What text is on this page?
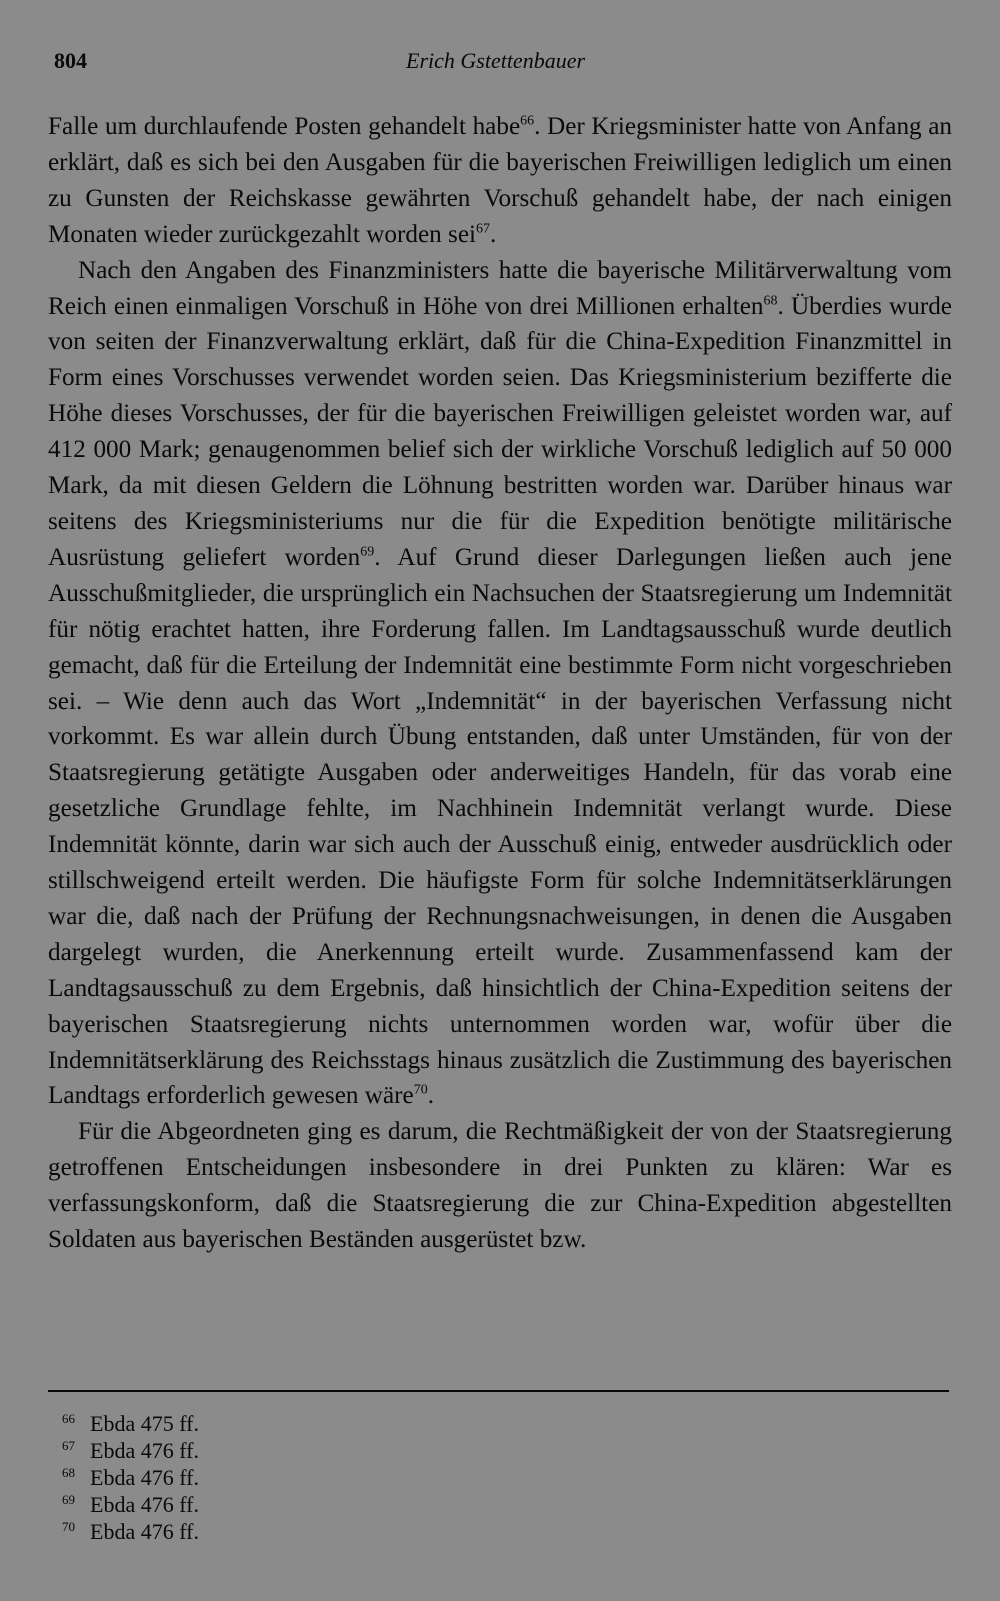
804	Erich Gstettenbauer

Falle um durchlaufende Posten gehandelt habe$^{66}$. Der Kriegsminister hatte von Anfang an erklärt, daß es sich bei den Ausgaben für die bayerischen Freiwilligen lediglich um einen zu Gunsten der Reichskasse gewährten Vorschuß gehandelt habe, der nach einigen Monaten wieder zurückgezahlt worden sei$^{67}$.

Nach den Angaben des Finanzministers hatte die bayerische Militärverwaltung vom Reich einen einmaligen Vorschuß in Höhe von drei Millionen erhalten$^{68}$. Überdies wurde von seiten der Finanzverwaltung erklärt, daß für die China-Expedition Finanzmittel in Form eines Vorschusses verwendet worden seien. Das Kriegsministerium bezifferte die Höhe dieses Vorschusses, der für die bayerischen Freiwilligen geleistet worden war, auf 412 000 Mark; genaugenommen belief sich der wirkliche Vorschuß lediglich auf 50 000 Mark, da mit diesen Geldern die Löhnung bestritten worden war. Darüber hinaus war seitens des Kriegsministeriums nur die für die Expedition benötigte militärische Ausrüstung geliefert worden$^{69}$. Auf Grund dieser Darlegungen ließen auch jene Ausschußmitglieder, die ursprünglich ein Nachsuchen der Staatsregierung um Indemnität für nötig erachtet hatten, ihre Forderung fallen. Im Landtagsausschuß wurde deutlich gemacht, daß für die Erteilung der Indemnität eine bestimmte Form nicht vorgeschrieben sei. – Wie denn auch das Wort „Indemnität“ in der bayerischen Verfassung nicht vorkommt. Es war allein durch Übung entstanden, daß unter Umständen, für von der Staatsregierung getätigte Ausgaben oder anderweitiges Handeln, für das vorab eine gesetzliche Grundlage fehlte, im Nachhinein Indemnität verlangt wurde. Diese Indemnität könnte, darin war sich auch der Ausschuß einig, entweder ausdrücklich oder stillschweigend erteilt werden. Die häufigste Form für solche Indemnitätserklärungen war die, daß nach der Prüfung der Rechnungsnachweisungen, in denen die Ausgaben dargelegt wurden, die Anerkennung erteilt wurde. Zusammenfassend kam der Landtagsausschuß zu dem Ergebnis, daß hinsichtlich der China-Expedition seitens der bayerischen Staatsregierung nichts unternommen worden war, wofür über die Indemnitätserklärung des Reichsstags hinaus zusätzlich die Zustimmung des bayerischen Landtags erforderlich gewesen wäre$^{70}$.

Für die Abgeordneten ging es darum, die Rechtmäßigkeit der von der Staatsregierung getroffenen Entscheidungen insbesondere in drei Punkten zu klären: War es verfassungskonform, daß die Staatsregierung die zur China-Expedition abgestellten Soldaten aus bayerischen Beständen ausgerüstet bzw.

66 Ebda 475 ff.
67 Ebda 476 ff.
68 Ebda 476 ff.
69 Ebda 476 ff.
70 Ebda 476 ff.
